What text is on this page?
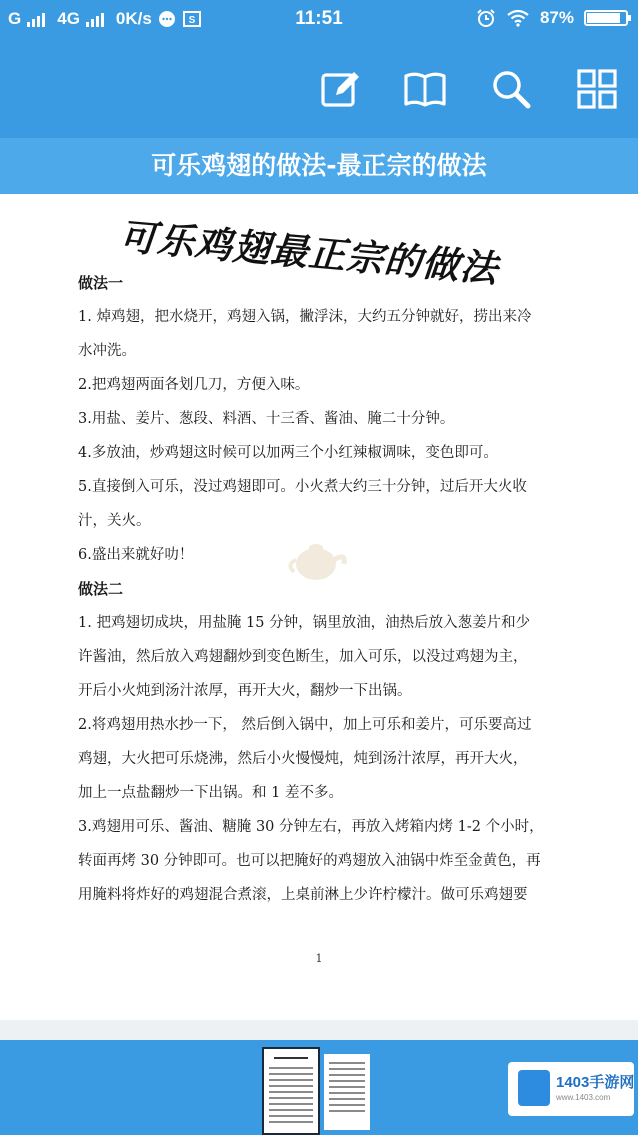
G 4G 0K/s	S	11:51	87%
可乐鸡翅的做法-最正宗的做法
可乐鸡翅最正宗的做法

做法一

1. 焯鸡翅，把水烧开，鸡翅入锅，撇浮沫，大约五分钟就好，捞出来冷

水冲洗。

2.把鸡翅两面各划几刀，方便入味。

3.用盐、姜片、葱段、料酒、十三香、酱油、腌二十分钟。

4.多放油，炒鸡翅这时候可以加两三个小红辣椒调味，变色即可。

5.直接倒入可乐，没过鸡翅即可。小火煮大约三十分钟，过后开大火收

汁，关火。

6.盛出来就好叻！

做法二

1. 把鸡翅切成块，用盐腌 15 分钟，锅里放油，油热后放入葱姜片和少

许酱油，然后放入鸡翅翻炒到变色断生，加入可乐，以没过鸡翅为主，

开后小火炖到汤汁浓厚，再开大火，翻炒一下出锅。

2.将鸡翅用热水抄一下， 然后倒入锅中，加上可乐和姜片，可乐要高过

鸡翅，大火把可乐烧沸，然后小火慢慢炖，炖到汤汁浓厚，再开大火，

加上一点盐翻炒一下出锅。和 1 差不多。

3.鸡翅用可乐、酱油、糖腌 30 分钟左右，再放入烤箱内烤 1-2 个小时，

转面再烤 30 分钟即可。也可以把腌好的鸡翅放入油锅中炸至金黄色，再

用腌料将炸好的鸡翅混合煮滚，上桌前淋上少许柠檬汁。做可乐鸡翅要

1
1403手游网
www.1403.com
